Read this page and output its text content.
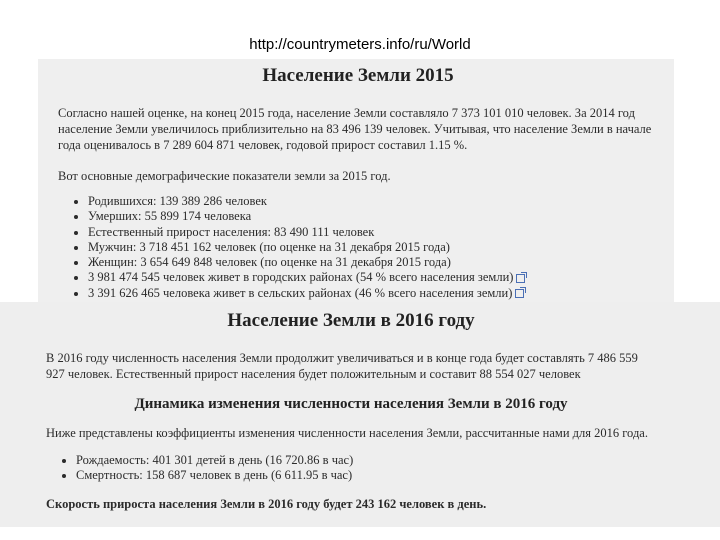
http://countrymeters.info/ru/World
Население Земли 2015

Согласно нашей оценке, на конец 2015 года, население Земли составляло 7 373 101 010 человек. За 2014 год население Земли увеличилось приблизительно на 83 496 139 человек. Учитывая, что население Земли в начале года оценивалось в 7 289 604 871 человек, годовой прирост составил 1.15 %.

Вот основные демографические показатели земли за 2015 год.

• Родившихся: 139 389 286 человек
• Умерших: 55 899 174 человека
• Естественный прирост населения: 83 490 111 человек
• Мужчин: 3 718 451 162 человек (по оценке на 31 декабря 2015 года)
• Женщин: 3 654 649 848 человек (по оценке на 31 декабря 2015 года)
• 3 981 474 545 человек живет в городских районах (54 % всего населения земли)
• 3 391 626 465 человека живет в сельских районах (46 % всего населения земли)
Население Земли в 2016 году

В 2016 году численность населения Земли продолжит увеличиваться и в конце года будет составлять 7 486 559 927 человек. Естественный прирост населения будет положительным и составит 88 554 027 человек

Динамика изменения численности населения Земли в 2016 году

Ниже представлены коэффициенты изменения численности населения Земли, рассчитанные нами для 2016 года.

• Рождаемость: 401 301 детей в день (16 720.86 в час)
• Смертность: 158 687 человек в день (6 611.95 в час)

Скорость прироста населения Земли в 2016 году будет 243 162 человек в день.
